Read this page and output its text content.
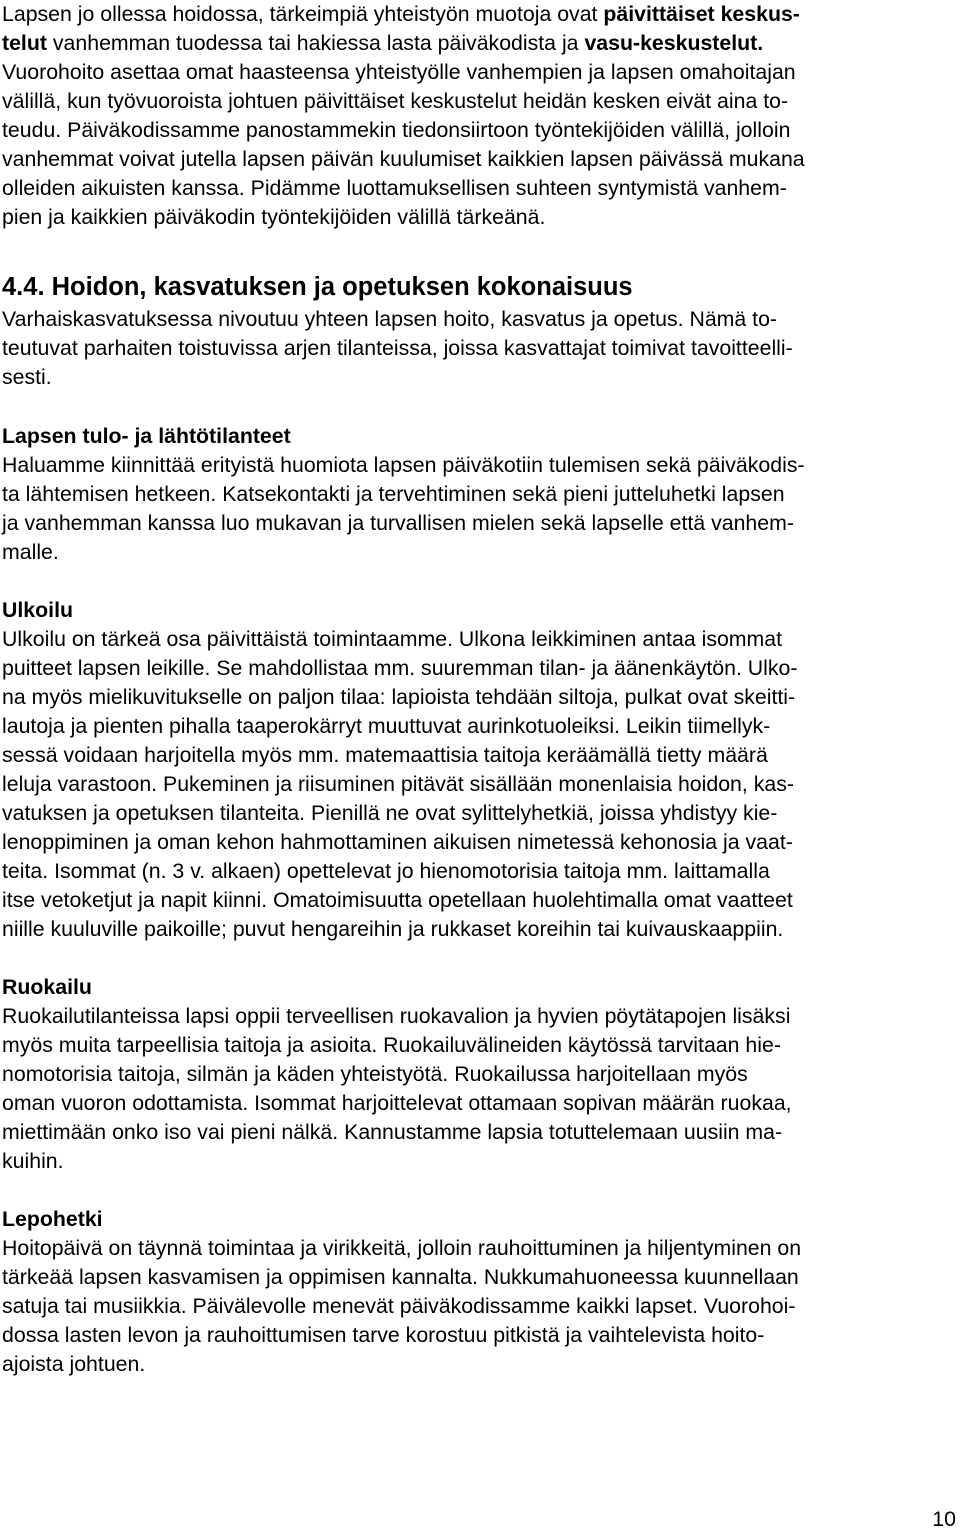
Lapsen jo ollessa hoidossa, tärkeimpiä yhteistyön muotoja ovat päivittäiset keskus-
telut vanhemman tuodessa tai hakiessa lasta päiväkodista ja vasu-keskustelut.
Vuorohoito asettaa omat haasteensa yhteistyölle vanhempien ja lapsen omahoitajan
välillä, kun työvuoroista johtuen päivittäiset keskustelut heidän kesken eivät aina to-
teudu. Päiväkodissamme panostammekin tiedonsiirtoon työntekijöiden välillä, jolloin
vanhemmat voivat jutella lapsen päivän kuulumiset kaikkien lapsen päivässä mukana
olleiden aikuisten kanssa. Pidämme luottamuksellisen suhteen syntymistä vanhem-
pien ja kaikkien päiväkodin työntekijöiden välillä tärkeänä.
4.4. Hoidon, kasvatuksen ja opetuksen kokonaisuus
Varhaiskasvatuksessa nivoutuu yhteen lapsen hoito, kasvatus ja opetus. Nämä to-
teutuvat parhaiten toistuvissa arjen tilanteissa, joissa kasvattajat toimivat tavoitteelli-
sesti.
Lapsen tulo- ja lähtötilanteet
Haluamme kiinnittää erityistä huomiota lapsen päiväkotiin tulemisen sekä päiväkodis-
ta lähtemisen hetkeen. Katsekontakti ja tervehtiminen sekä pieni jutteluhetki lapsen
ja vanhemman kanssa luo mukavan ja turvallisen mielen sekä lapselle että vanhem-
malle.
Ulkoilu
Ulkoilu on tärkeä osa päivittäistä toimintaamme. Ulkona leikkiminen antaa isommat
puitteet lapsen leikille. Se mahdollistaa mm. suuremman tilan- ja äänenkäytön. Ulko-
na myös mielikuvitukselle on paljon tilaa: lapioista tehdään siltoja, pulkat ovat skeitti-
lautoja ja pienten pihalla taaperokärryt muuttuvat aurinkotuoleiksi. Leikin tiimellyk-
sessä voidaan harjoitella myös mm. matemaattisia taitoja keräämällä tietty määrä
leluja varastoon. Pukeminen ja riisuminen pitävät sisällään monenlaisia hoidon, kas-
vatuksen ja opetuksen tilanteita. Pienillä ne ovat sylittelyhetkiä, joissa yhdistyy kie-
lenoppiminen ja oman kehon hahmottaminen aikuisen nimetessä kehonosia ja vaat-
teita. Isommat (n. 3 v. alkaen) opettelevat jo hienomotorisia taitoja mm. laittamalla
itse vetoketjut ja napit kiinni. Omatoimisuutta opetellaan huolehtimalla omat vaatteet
niille kuuluville paikoille; puvut hengareihin ja rukkaset koreihin tai kuivauskaappiin.
Ruokailu
Ruokailutilanteissa lapsi oppii terveellisen ruokavalion ja hyvien pöytätapojen lisäksi
myös muita tarpeellisia taitoja ja asioita. Ruokailuvälineiden käytössä tarvitaan hie-
nomotorisia taitoja, silmän ja käden yhteistyötä. Ruokailussa harjoitellaan myös
oman vuoron odottamista. Isommat harjoittelevat ottamaan sopivan määrän ruokaa,
miettimään onko iso vai pieni nälkä. Kannustamme lapsia totuttelemaan uusiin ma-
kuihin.
Lepohetki
Hoitopäivä on täynnä toimintaa ja virikkeitä, jolloin rauhoittuminen ja hiljentyminen on
tärkeää lapsen kasvamisen ja oppimisen kannalta. Nukkumahuoneessa kuunnellaan
satuja tai musiikkia. Päivälevolle menevät päiväkodissamme kaikki lapset. Vuorohoi-
dossa lasten levon ja rauhoittumisen tarve korostuu pitkistä ja vaihtelevista hoito-
ajoista johtuen.
10
